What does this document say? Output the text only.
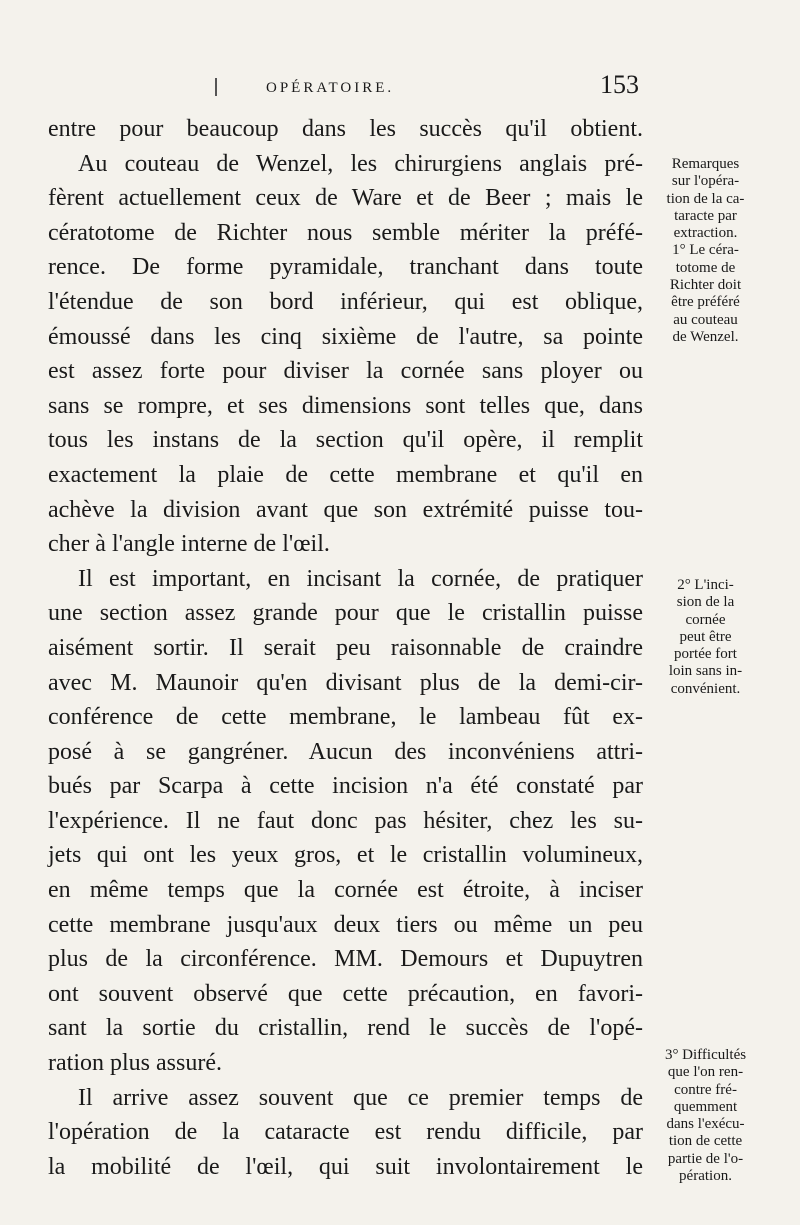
OPÉRATOIRE.	153

entre pour beaucoup dans les succès qu'il obtient.

Au couteau de Wenzel, les chirurgiens anglais pré-

fèrent actuellement ceux de Ware et de Beer ; mais le

cératotome de Richter nous semble mériter la préfé-

rence. De forme pyramidale, tranchant dans toute

l'étendue de son bord inférieur, qui est oblique,

émoussé dans les cinq sixième de l'autre, sa pointe

est assez forte pour diviser la cornée sans ployer ou

sans se rompre, et ses dimensions sont telles que, dans

tous les instans de la section qu'il opère, il remplit

exactement la plaie de cette membrane et qu'il en

achève la division avant que son extrémité puisse tou-

cher à l'angle interne de l'œil.

Il est important, en incisant la cornée, de pratiquer

une section assez grande pour que le cristallin puisse

aisément sortir. Il serait peu raisonnable de craindre

avec M. Maunoir qu'en divisant plus de la demi-cir-

conférence de cette membrane, le lambeau fût ex-

posé à se gangréner. Aucun des inconvéniens attri-

bués par Scarpa à cette incision n'a été constaté par

l'expérience. Il ne faut donc pas hésiter, chez les su-

jets qui ont les yeux gros, et le cristallin volumineux,

en même temps que la cornée est étroite, à inciser

cette membrane jusqu'aux deux tiers ou même un peu

plus de la circonférence. MM. Demours et Dupuytren

ont souvent observé que cette précaution, en favori-

sant la sortie du cristallin, rend le succès de l'opé-

ration plus assuré.

Il arrive assez souvent que ce premier temps de

l'opération de la cataracte est rendu difficile, par

la mobilité de l'œil, qui suit involontairement le

Remarques
sur l'opéra-
tion de la ca-
taracte par
extraction.
1° Le céra-
totome de
Richter doit
être préféré
au couteau
de Wenzel.
2° L'inci-
sion de la
cornée
peut être
portée fort
loin sans in-
convénient.
3° Difficultés
que l'on ren-
contre fré-
quemment
dans l'exécu-
tion de cette
partie de l'o-
pération.
